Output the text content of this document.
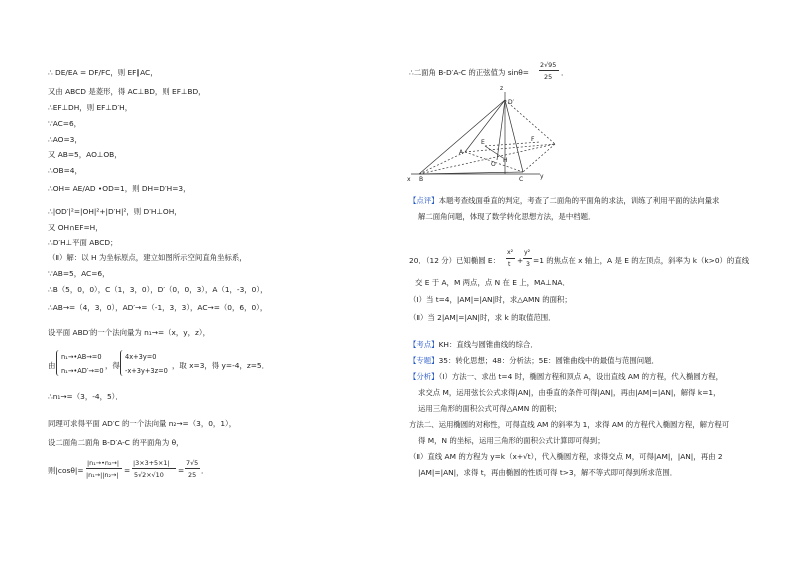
∴ DE/EA = DF/FC，则 EF∥AC，
又由 ABCD 是菱形，得 AC⊥BD，则 EF⊥BD，
∴EF⊥DH，则 EF⊥D′H，
∵AC=6，
∴AO=3，
又 AB=5，AO⊥OB，
∴OB=4，
∴OH= AE/AD •OD=1，则 DH=D′H=3，
∴|OD′|²=|OH|²+|D′H|²，则 D′H⊥OH，
又 OH∩EF=H，
∴D′H⊥平面 ABCD；
（Ⅱ）解：以 H 为坐标原点，建立如图所示空间直角坐标系，
∵AB=5，AC=6，
∴B（5，0，0），C（1，3，0），D′（0，0，3），A（1，-3，0），
∴AB→=（4，3，0），AD′→=（-1，3，3），AC→=（0，6，0），
设平面 ABD′的一个法向量为 n₁→=（x，y，z），
由
n₁→•AB→=0
n₁→•AD′→=0
，得
4x+3y=0
-x+3y+3z=0
，取 x=3，得 y=-4，z=5．
∴n₁→=（3，-4，5）．
同理可求得平面 AD′C 的一个法向量 n₂→=（3，0，1），
设二面角二面角 B-D′A-C 的平面角为 θ，
则|cosθ|=
|n₁→•n₂→|
|n₁→||n₂→| =
|3×3+5×1|
5√2×√10 =
7√5
25 ．
∴二面角 B-D′A-C 的正弦值为 sinθ=
2√95
25 ．
z
D′
E	F
H
O
A
B	C
x	y
【点评】本题考查线面垂直的判定，考查了二面角的平面角的求法，训练了利用平面的法向量求
解二面角问题，体现了数学转化思想方法，是中档题．
20．（12 分）已知椭圆 E：
x²
t +
y²
3 =1 的焦点在 x 轴上，A 是 E 的左顶点，斜率为 k（k>0）的直线
交 E 于 A，M 两点，点 N 在 E 上，MA⊥NA．
（Ⅰ）当 t=4，|AM|=|AN|时，求△AMN 的面积；
（Ⅱ）当 2|AM|=|AN|时，求 k 的取值范围．
【考点】KH：直线与圆锥曲线的综合．
【专题】35：转化思想；48：分析法；5E：圆锥曲线中的最值与范围问题．
【分析】（Ⅰ）方法一、求出 t=4 时，椭圆方程和顶点 A，设出直线 AM 的方程，代入椭圆方程，
求交点 M，运用弦长公式求得|AN|，由垂直的条件可得|AN|，再由|AM|=|AN|，解得 k=1，
运用三角形的面积公式可得△AMN 的面积；
方法二、运用椭圆的对称性，可得直线 AM 的斜率为 1，求得 AM 的方程代入椭圆方程，解方程可
得 M，N 的坐标，运用三角形的面积公式计算即可得到；
（Ⅱ）直线 AM 的方程为 y=k（x+√t），代入椭圆方程，求得交点 M，可得|AM|，|AN|，再由 2
|AM|=|AN|，求得 t，再由椭圆的性质可得 t>3，解不等式即可得到所求范围．
